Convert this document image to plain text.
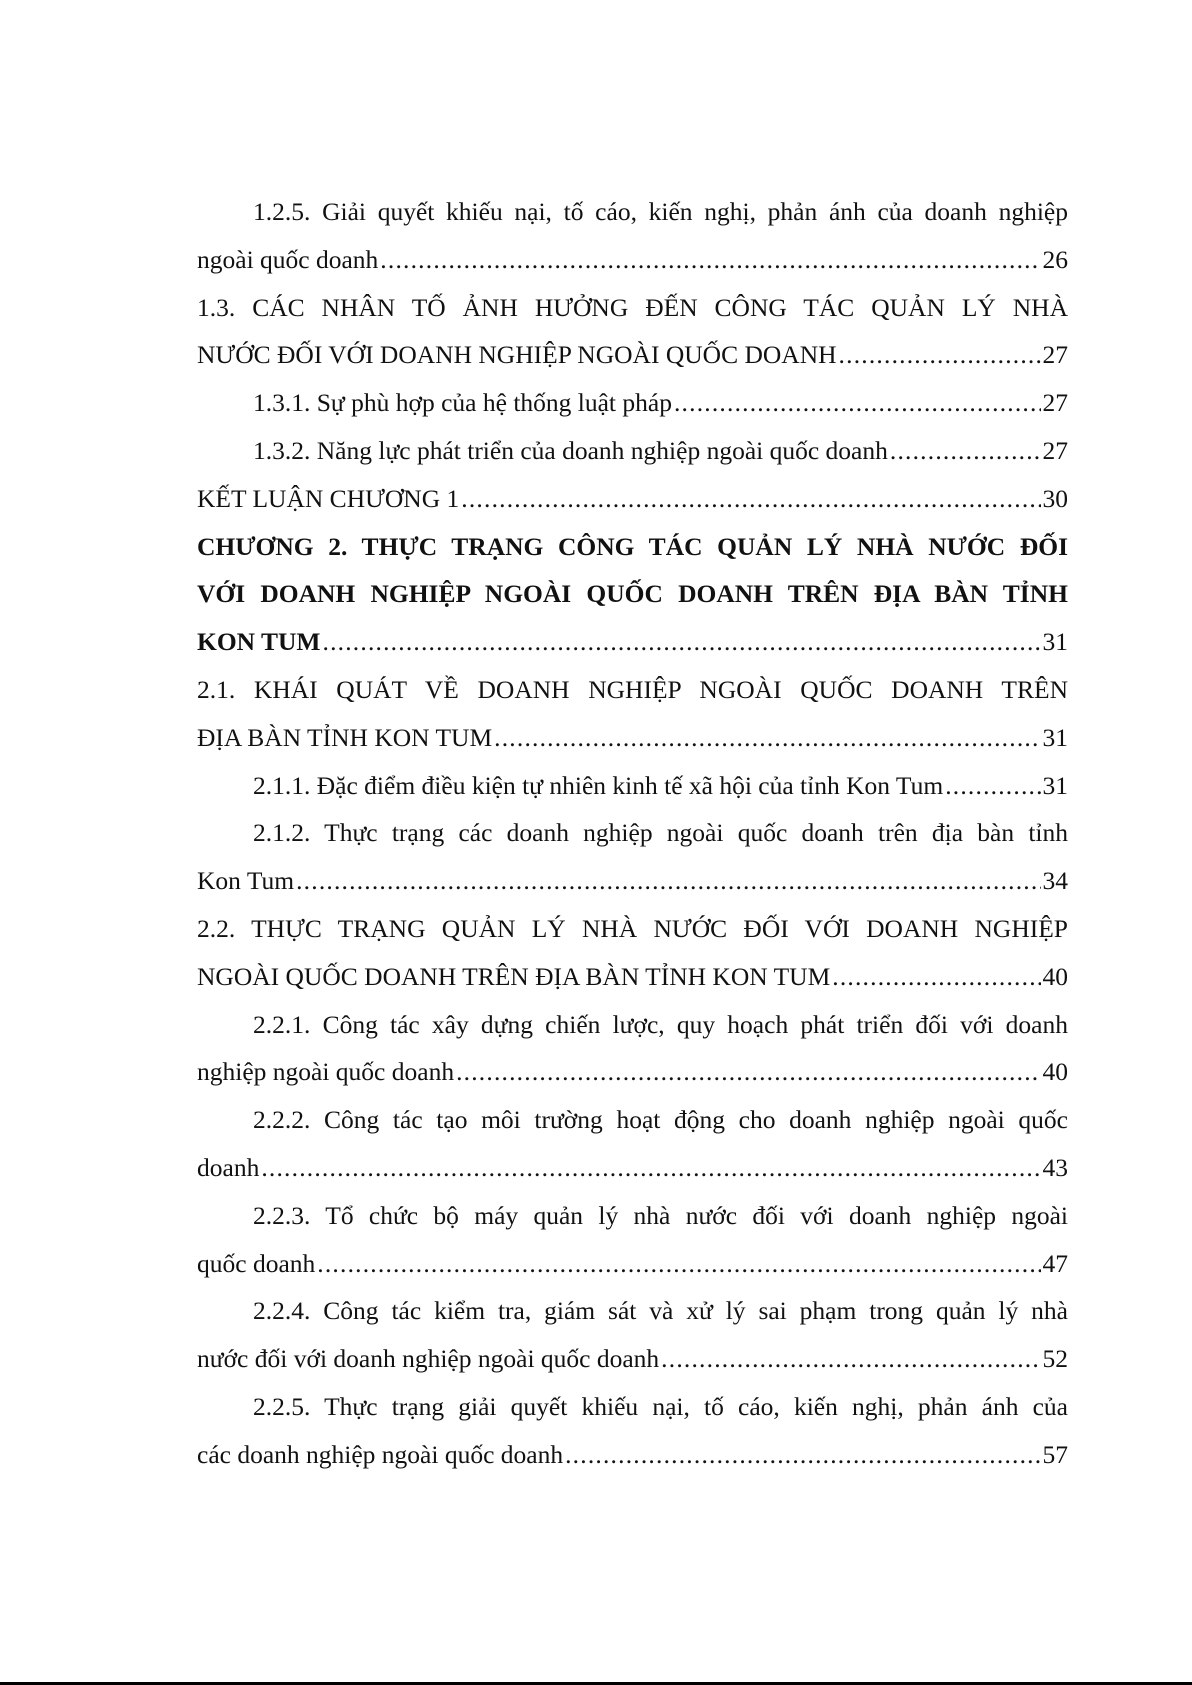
1.2.5. Giải quyết khiếu nại, tố cáo, kiến nghị, phản ánh của doanh nghiệp
ngoài quốc doanh .....	26
1.3. CÁC NHÂN TỐ ẢNH HƯỞNG ĐẾN CÔNG TÁC QUẢN LÝ NHÀ
NƯỚC ĐỐI VỚI DOANH NGHIỆP NGOÀI QUỐC DOANH .....	27
1.3.1. Sự phù hợp của hệ thống luật pháp .....	27
1.3.2. Năng lực phát triển của doanh nghiệp ngoài quốc doanh .....	27
KẾT LUẬN CHƯƠNG 1 .....	30
CHƯƠNG 2. THỰC TRẠNG CÔNG TÁC QUẢN LÝ NHÀ NƯỚC ĐỐI
VỚI DOANH NGHIỆP NGOÀI QUỐC DOANH TRÊN ĐỊA BÀN TỈNH
KON TUM .....	31
2.1. KHÁI QUÁT VỀ DOANH NGHIỆP NGOÀI QUỐC DOANH TRÊN
ĐỊA BÀN TỈNH KON TUM .....	31
2.1.1. Đặc điểm điều kiện tự nhiên kinh tế xã hội của tỉnh Kon Tum .....	31
2.1.2. Thực trạng các doanh nghiệp ngoài quốc doanh trên địa bàn tỉnh
Kon Tum .....	34
2.2. THỰC TRẠNG QUẢN LÝ NHÀ NƯỚC ĐỐI VỚI DOANH NGHIỆP
NGOÀI QUỐC DOANH TRÊN ĐỊA BÀN TỈNH KON TUM .....	40
2.2.1. Công tác xây dựng chiến lược, quy hoạch phát triển đối với doanh
nghiệp ngoài quốc doanh .....	40
2.2.2. Công tác tạo môi trường hoạt động cho doanh nghiệp ngoài quốc
doanh .....	43
2.2.3. Tổ chức bộ máy quản lý nhà nước đối với doanh nghiệp ngoài
quốc doanh .....	47
2.2.4. Công tác kiểm tra, giám sát và xử lý sai phạm trong quản lý nhà
nước đối với doanh nghiệp ngoài quốc doanh .....	52
2.2.5. Thực trạng giải quyết khiếu nại, tố cáo, kiến nghị, phản ánh của
các doanh nghiệp ngoài quốc doanh .....	57
